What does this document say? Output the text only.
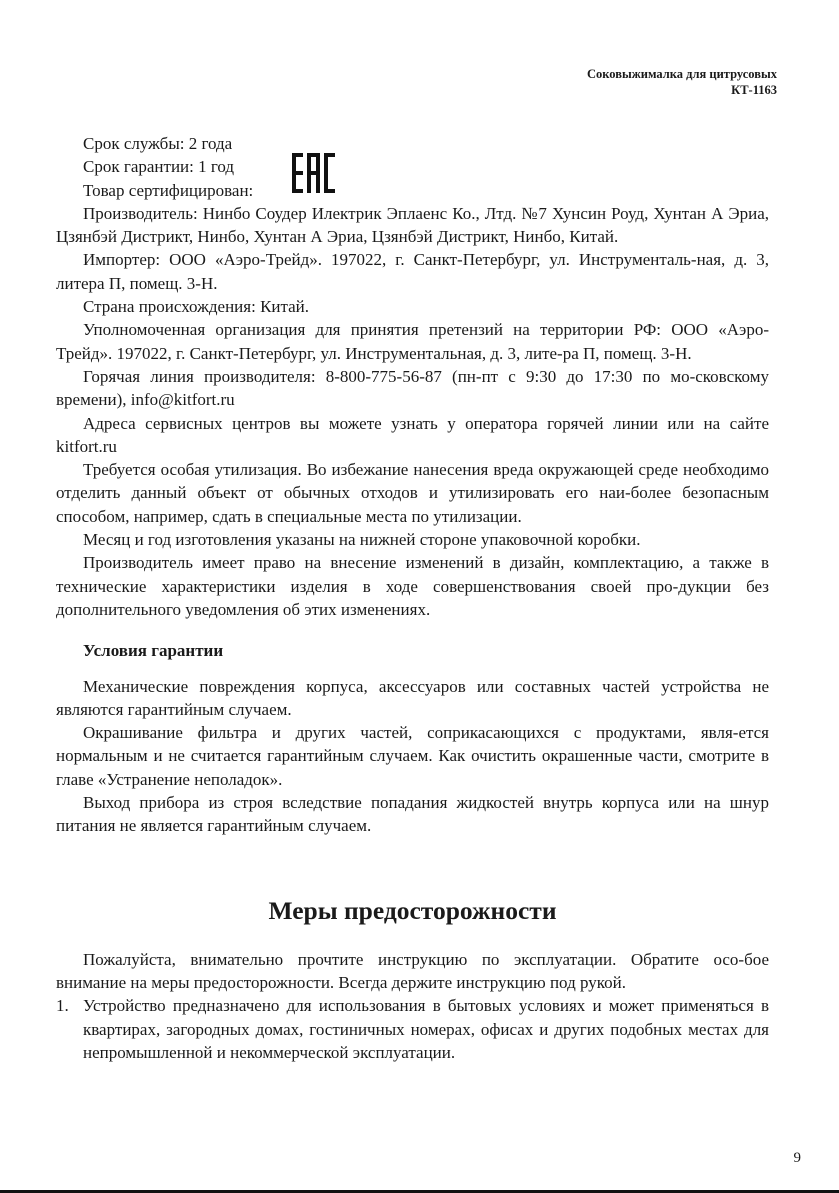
Соковыжималка для цитрусовых
КТ-1163

Срок службы: 2 года

Срок гарантии: 1 год

Товар сертифицирован:

Производитель: Нинбо Соудер Илектрик Эплаенс Ко., Лтд. №7 Хунсин Роуд, Хунтан А Эриа, Цзянбэй Дистрикт, Нинбо, Хунтан А Эриа, Цзянбэй Дистрикт, Нинбо, Китай.

Импортер: ООО «Аэро-Трейд». 197022, г. Санкт-Петербург, ул. Инструменталь-ная, д. 3, литера П, помещ. 3-Н.

Страна происхождения: Китай.

Уполномоченная организация для принятия претензий на территории РФ: ООО «Аэро-Трейд». 197022, г. Санкт-Петербург, ул. Инструментальная, д. 3, лите-ра П, помещ. 3-Н.

Горячая линия производителя: 8-800-775-56-87 (пн-пт с 9:30 до 17:30 по мо-сковскому времени), info@kitfort.ru

Адреса сервисных центров вы можете узнать у оператора горячей линии или на сайте kitfort.ru

Требуется особая утилизация. Во избежание нанесения вреда окружающей среде необходимо отделить данный объект от обычных отходов и утилизировать его наи-более безопасным способом, например, сдать в специальные места по утилизации.

Месяц и год изготовления указаны на нижней стороне упаковочной коробки.

Производитель имеет право на внесение изменений в дизайн, комплектацию, а также в технические характеристики изделия в ходе совершенствования своей про-дукции без дополнительного уведомления об этих изменениях.

Условия гарантии

Механические повреждения корпуса, аксессуаров или составных частей устройства не являются гарантийным случаем.

Окрашивание фильтра и других частей, соприкасающихся с продуктами, явля-ется нормальным и не считается гарантийным случаем. Как очистить окрашенные части, смотрите в главе «Устранение неполадок».

Выход прибора из строя вследствие попадания жидкостей внутрь корпуса или на шнур питания не является гарантийным случаем.

Меры предосторожности

Пожалуйста, внимательно прочтите инструкцию по эксплуатации. Обратите осо-бое внимание на меры предосторожности. Всегда держите инструкцию под рукой.

1. Устройство предназначено для использования в бытовых условиях и может применяться в квартирах, загородных домах, гостиничных номерах, офисах и других подобных местах для непромышленной и некоммерческой эксплуатации.
9
